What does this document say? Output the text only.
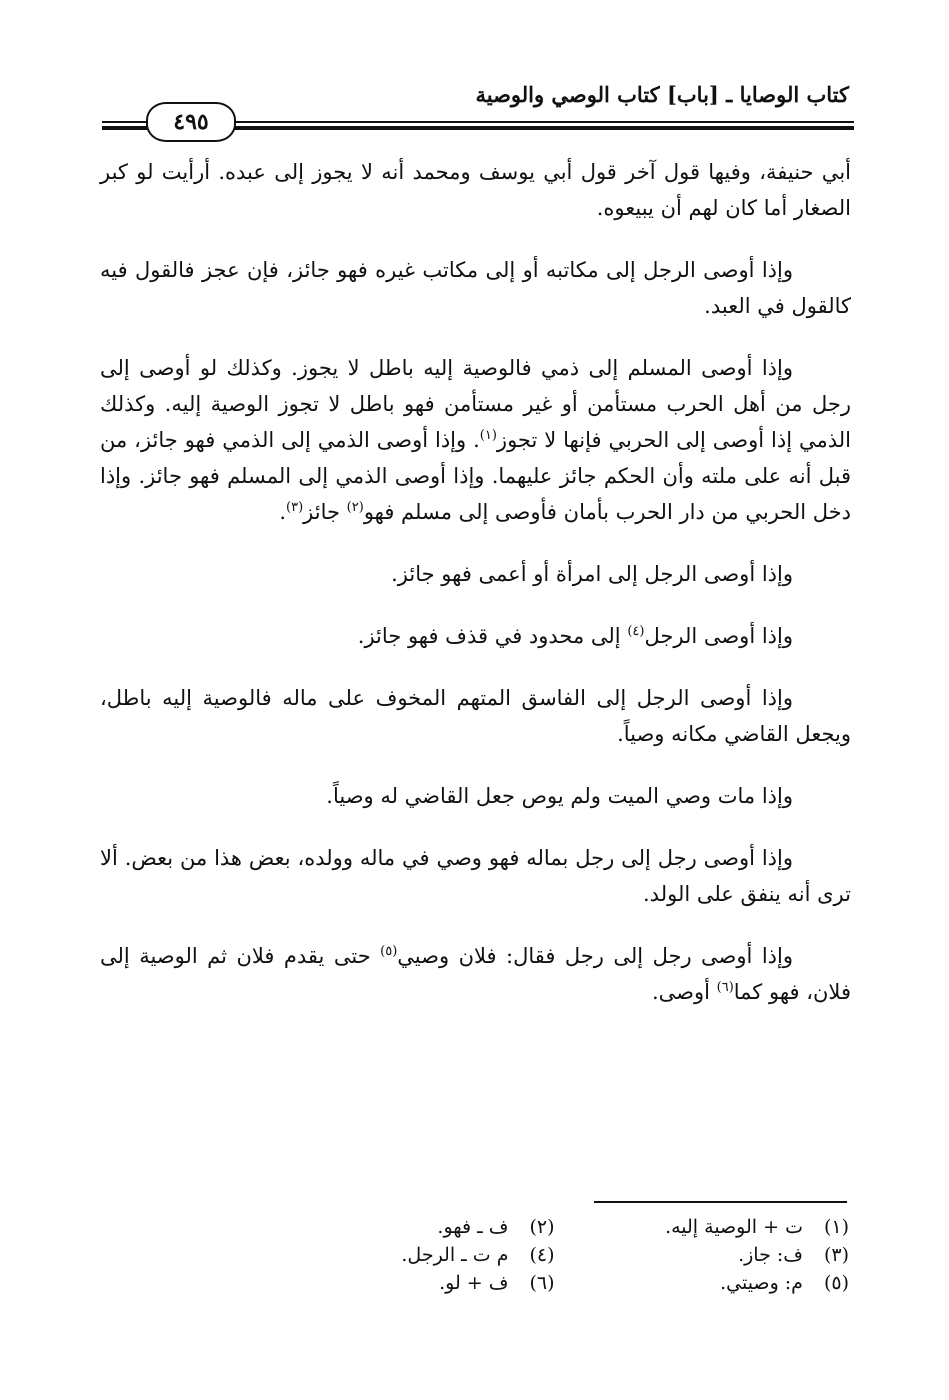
كتاب الوصايا ـ [باب] كتاب الوصي والوصية
٤٩٥

أبي حنيفة، وفيها قول آخر قول أبي يوسف ومحمد أنه لا يجوز إلى عبده. أرأيت لو كبر الصغار أما كان لهم أن يبيعوه.

وإذا أوصى الرجل إلى مكاتبه أو إلى مكاتب غيره فهو جائز، فإن عجز فالقول فيه كالقول في العبد.

وإذا أوصى المسلم إلى ذمي فالوصية إليه باطل لا يجوز. وكذلك لو أوصى إلى رجل من أهل الحرب مستأمن أو غير مستأمن فهو باطل لا تجوز الوصية إليه. وكذلك الذمي إذا أوصى إلى الحربي فإنها لا تجوز$^{(١)}$. وإذا أوصى الذمي إلى الذمي فهو جائز، من قبل أنه على ملته وأن الحكم جائز عليهما. وإذا أوصى الذمي إلى المسلم فهو جائز. وإذا دخل الحربي من دار الحرب بأمان فأوصى إلى مسلم فهو$^{(٢)}$ جائز$^{(٣)}$.

وإذا أوصى الرجل إلى امرأة أو أعمى فهو جائز.

وإذا أوصى الرجل$^{(٤)}$ إلى محدود في قذف فهو جائز.

وإذا أوصى الرجل إلى الفاسق المتهم المخوف على ماله فالوصية إليه باطل، ويجعل القاضي مكانه وصياً.

وإذا مات وصي الميت ولم يوص جعل القاضي له وصياً.

وإذا أوصى رجل إلى رجل بماله فهو وصي في ماله وولده، بعض هذا من بعض. ألا ترى أنه ينفق على الولد.

وإذا أوصى رجل إلى رجل فقال: فلان وصيي$^{(٥)}$ حتى يقدم فلان ثم الوصية إلى فلان، فهو كما$^{(٦)}$ أوصى.

(١) ت + الوصية إليه.
(٢) ف ـ فهو.
(٣) ف: جاز.
(٤) م ت ـ الرجل.
(٥) م: وصيتي.
(٦) ف + لو.
